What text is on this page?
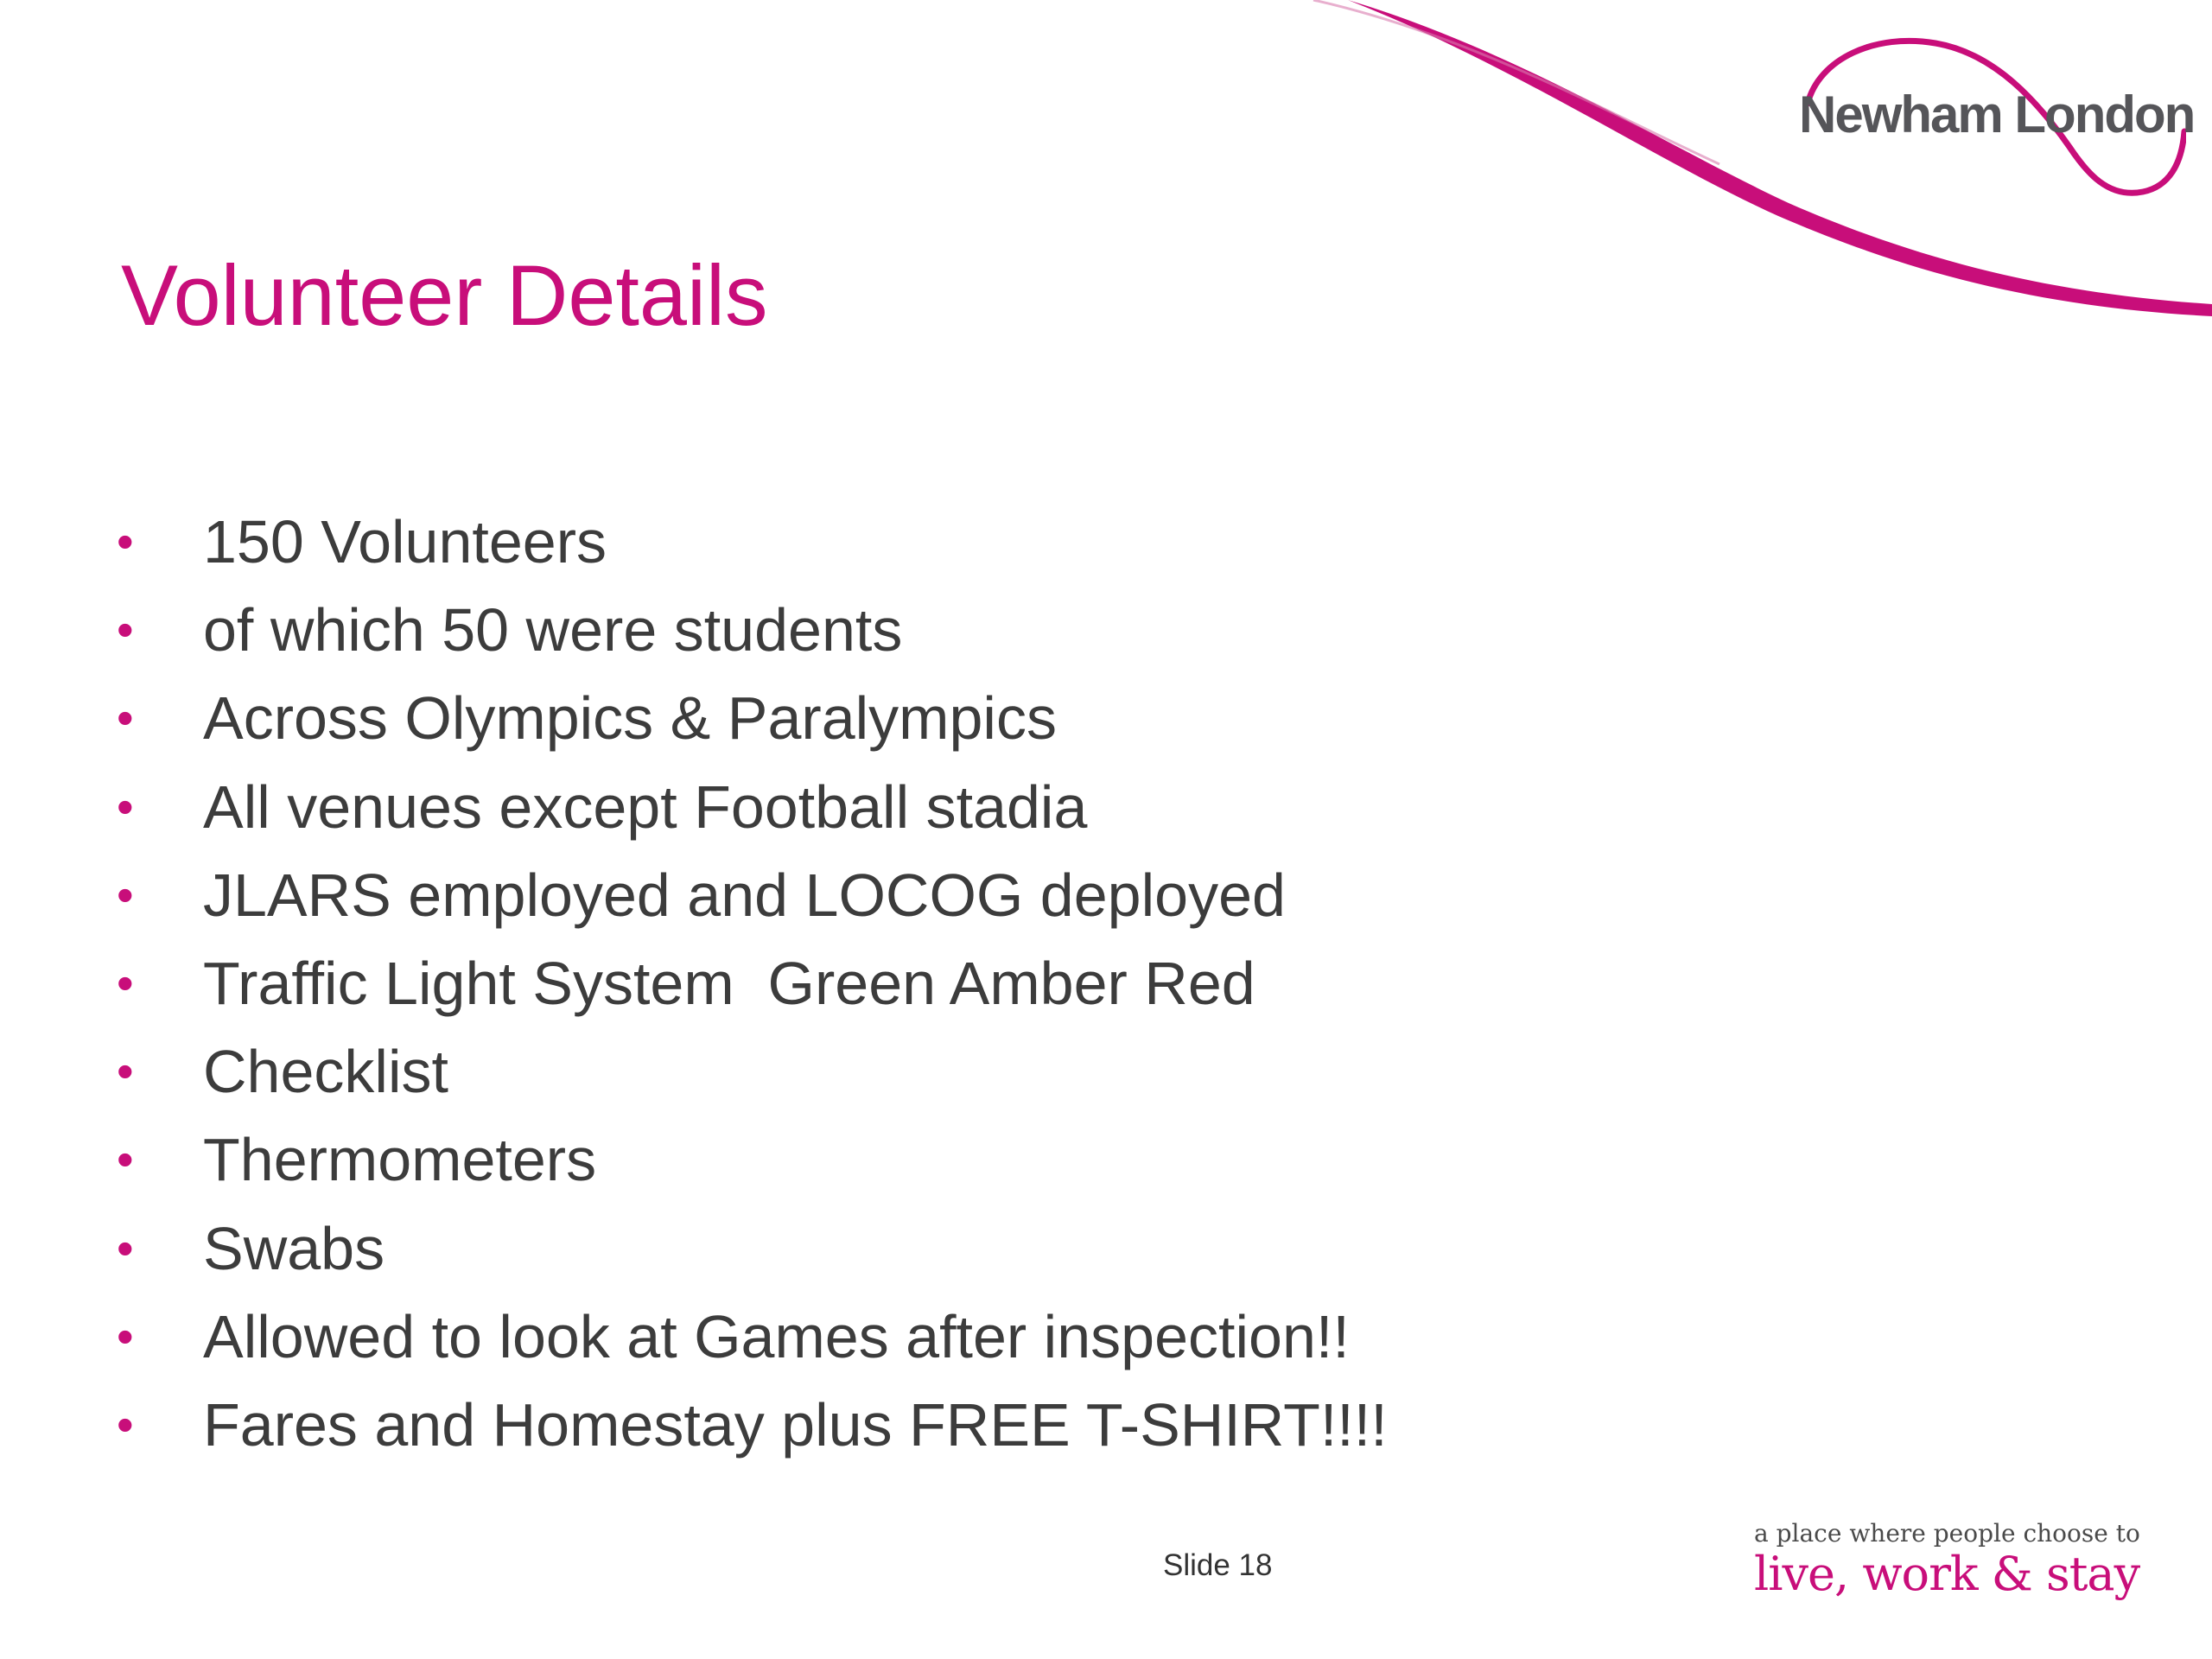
Newham London
Volunteer Details
• 150 Volunteers
• of which 50 were students
• Across Olympics & Paralympics
• All venues except Football stadia
• JLARS employed and LOCOG deployed
• Traffic Light System  Green Amber Red
• Checklist
• Thermometers
• Swabs
• Allowed to look at Games after inspection!!
• Fares and Homestay plus FREE T-SHIRT!!!!
Slide 18
a place where people choose to
live, work & stay
